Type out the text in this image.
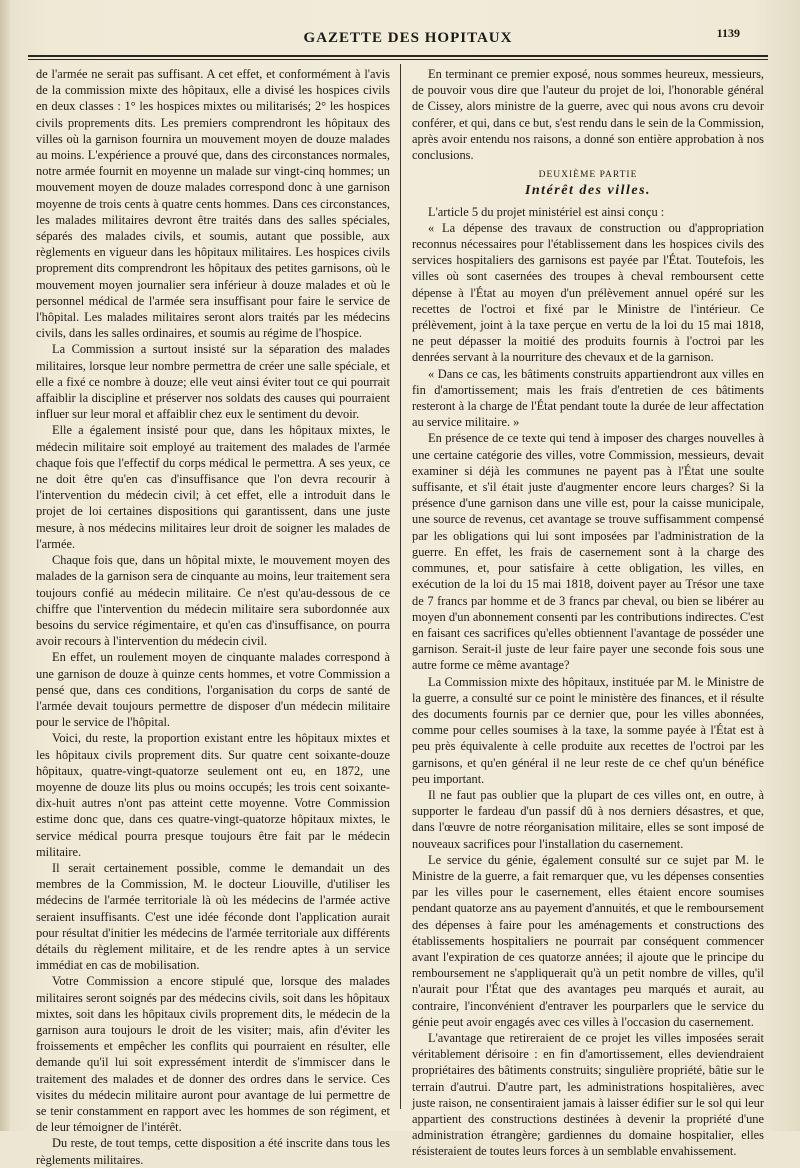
GAZETTE DES HOPITAUX	1139

de l'armée ne serait pas suffisant. A cet effet, et conformément à l'avis de la commission mixte des hôpitaux, elle a divisé les hospices civils en deux classes : 1° les hospices mixtes ou militarisés; 2° les hospices civils proprements dits. Les premiers comprendront les hôpitaux des villes où la garnison fournira un mouvement moyen de douze malades au moins. L'expérience a prouvé que, dans des circonstances normales, notre armée fournit en moyenne un malade sur vingt-cinq hommes; un mouvement moyen de douze malades correspond donc à une garnison moyenne de trois cents à quatre cents hommes. Dans ces circonstances, les malades militaires devront être traités dans des salles spéciales, séparés des malades civils, et soumis, autant que possible, aux règlements en vigueur dans les hôpitaux militaires. Les hospices civils proprement dits comprendront les hôpitaux des petites garnisons, où le mouvement moyen journalier sera inférieur à douze malades et où le personnel médical de l'armée sera insuffisant pour faire le service de l'hôpital. Les malades militaires seront alors traités par les médecins civils, dans les salles ordinaires, et soumis au régime de l'hospice.

La Commission a surtout insisté sur la séparation des malades militaires, lorsque leur nombre permettra de créer une salle spéciale, et elle a fixé ce nombre à douze; elle veut ainsi éviter tout ce qui pourrait affaiblir la discipline et préserver nos soldats des causes qui pourraient influer sur leur moral et affaiblir chez eux le sentiment du devoir.

Elle a également insisté pour que, dans les hôpitaux mixtes, le médecin militaire soit employé au traitement des malades de l'armée chaque fois que l'effectif du corps médical le permettra. A ses yeux, ce ne doit être qu'en cas d'insuffisance que l'on devra recourir à l'intervention du médecin civil; à cet effet, elle a introduit dans le projet de loi certaines dispositions qui garantissent, dans une juste mesure, à nos médecins militaires leur droit de soigner les malades de l'armée.

Chaque fois que, dans un hôpital mixte, le mouvement moyen des malades de la garnison sera de cinquante au moins, leur traitement sera toujours confié au médecin militaire. Ce n'est qu'au-dessous de ce chiffre que l'intervention du médecin militaire sera subordonnée aux besoins du service régimentaire, et qu'en cas d'insuffisance, on pourra avoir recours à l'intervention du médecin civil.

En effet, un roulement moyen de cinquante malades correspond à une garnison de douze à quinze cents hommes, et votre Commission a pensé que, dans ces conditions, l'organisation du corps de santé de l'armée devait toujours permettre de disposer d'un médecin militaire pour le service de l'hôpital.

Voici, du reste, la proportion existant entre les hôpitaux mixtes et les hôpitaux civils proprement dits. Sur quatre cent soixante-douze hôpitaux, quatre-vingt-quatorze seulement ont eu, en 1872, une moyenne de douze lits plus ou moins occupés; les trois cent soixante-dix-huit autres n'ont pas atteint cette moyenne. Votre Commission estime donc que, dans ces quatre-vingt-quatorze hôpitaux mixtes, le service médical pourra presque toujours être fait par le médecin militaire.

Il serait certainement possible, comme le demandait un des membres de la Commission, M. le docteur Liouville, d'utiliser les médecins de l'armée territoriale là où les médecins de l'armée active seraient insuffisants. C'est une idée féconde dont l'application aurait pour résultat d'initier les médecins de l'armée territoriale aux différents détails du règlement militaire, et de les rendre aptes à un service immédiat en cas de mobilisation.

Votre Commission a encore stipulé que, lorsque des malades militaires seront soignés par des médecins civils, soit dans les hôpitaux mixtes, soit dans les hôpitaux civils proprement dits, le médecin de la garnison aura toujours le droit de les visiter; mais, afin d'éviter les froissements et empêcher les conflits qui pourraient en résulter, elle demande qu'il lui soit expressément interdit de s'immiscer dans le traitement des malades et de donner des ordres dans le service. Ces visites du médecin militaire auront pour avantage de lui permettre de se tenir constamment en rapport avec les hommes de son régiment, et de leur témoigner de l'intérêt.

Du reste, de tout temps, cette disposition a été inscrite dans tous les règlements militaires.

En terminant ce premier exposé, nous sommes heureux, messieurs, de pouvoir vous dire que l'auteur du projet de loi, l'honorable général de Cissey, alors ministre de la guerre, avec qui nous avons cru devoir conférer, et qui, dans ce but, s'est rendu dans le sein de la Commission, après avoir entendu nos raisons, a donné son entière approbation à nos conclusions.

DEUXIÈME PARTIE
Intérêt des villes.

L'article 5 du projet ministériel est ainsi conçu :

« La dépense des travaux de construction ou d'appropriation reconnus nécessaires pour l'établissement dans les hospices civils des services hospitaliers des garnisons est payée par l'État. Toutefois, les villes où sont casernées des troupes à cheval remboursent cette dépense à l'État au moyen d'un prélèvement annuel opéré sur les recettes de l'octroi et fixé par le Ministre de l'intérieur. Ce prélèvement, joint à la taxe perçue en vertu de la loi du 15 mai 1818, ne peut dépasser la moitié des produits fournis à l'octroi par les denrées servant à la nourriture des chevaux et de la garnison.

« Dans ce cas, les bâtiments construits appartiendront aux villes en fin d'amortissement; mais les frais d'entretien de ces bâtiments resteront à la charge de l'État pendant toute la durée de leur affectation au service militaire. »

En présence de ce texte qui tend à imposer des charges nouvelles à une certaine catégorie des villes, votre Commission, messieurs, devait examiner si déjà les communes ne payent pas à l'État une soulte suffisante, et s'il était juste d'augmenter encore leurs charges? Si la présence d'une garnison dans une ville est, pour la caisse municipale, une source de revenus, cet avantage se trouve suffisamment compensé par les obligations qui lui sont imposées par l'administration de la guerre. En effet, les frais de casernement sont à la charge des communes, et, pour satisfaire à cette obligation, les villes, en exécution de la loi du 15 mai 1818, doivent payer au Trésor une taxe de 7 francs par homme et de 3 francs par cheval, ou bien se libérer au moyen d'un abonnement consenti par les contributions indirectes. C'est en faisant ces sacrifices qu'elles obtiennent l'avantage de posséder une garnison. Serait-il juste de leur faire payer une seconde fois sous une autre forme ce même avantage?

La Commission mixte des hôpitaux, instituée par M. le Ministre de la guerre, a consulté sur ce point le ministère des finances, et il résulte des documents fournis par ce dernier que, pour les villes abonnées, comme pour celles soumises à la taxe, la somme payée à l'État est à peu près équivalente à celle produite aux recettes de l'octroi par les garnisons, et qu'en général il ne leur reste de ce chef qu'un bénéfice peu important.

Il ne faut pas oublier que la plupart de ces villes ont, en outre, à supporter le fardeau d'un passif dû à nos derniers désastres, et que, dans l'œuvre de notre réorganisation militaire, elles se sont imposé de nouveaux sacrifices pour l'installation du casernement.

Le service du génie, également consulté sur ce sujet par M. le Ministre de la guerre, a fait remarquer que, vu les dépenses consenties par les villes pour le casernement, elles étaient encore soumises pendant quatorze ans au payement d'annuités, et que le remboursement des dépenses à faire pour les aménagements et constructions des établissements hospitaliers ne pourrait par conséquent commencer avant l'expiration de ces quatorze années; il ajoute que le principe du remboursement ne s'appliquerait qu'à un petit nombre de villes, qu'il n'aurait pour l'État que des avantages peu marqués et aurait, au contraire, l'inconvénient d'entraver les pourparlers que le service du génie peut avoir engagés avec ces villes à l'occasion du casernement.

L'avantage que retireraient de ce projet les villes imposées serait véritablement dérisoire : en fin d'amortissement, elles deviendraient propriétaires des bâtiments construits; singulière propriété, bâtie sur le terrain d'autrui. D'autre part, les administrations hospitalières, avec juste raison, ne consentiraient jamais à laisser édifier sur le sol qui leur appartient des constructions destinées à devenir la propriété d'une administration étrangère; gardiennes du domaine hospitalier, elles résisteraient de toutes leurs forces à un semblable envahissement.
